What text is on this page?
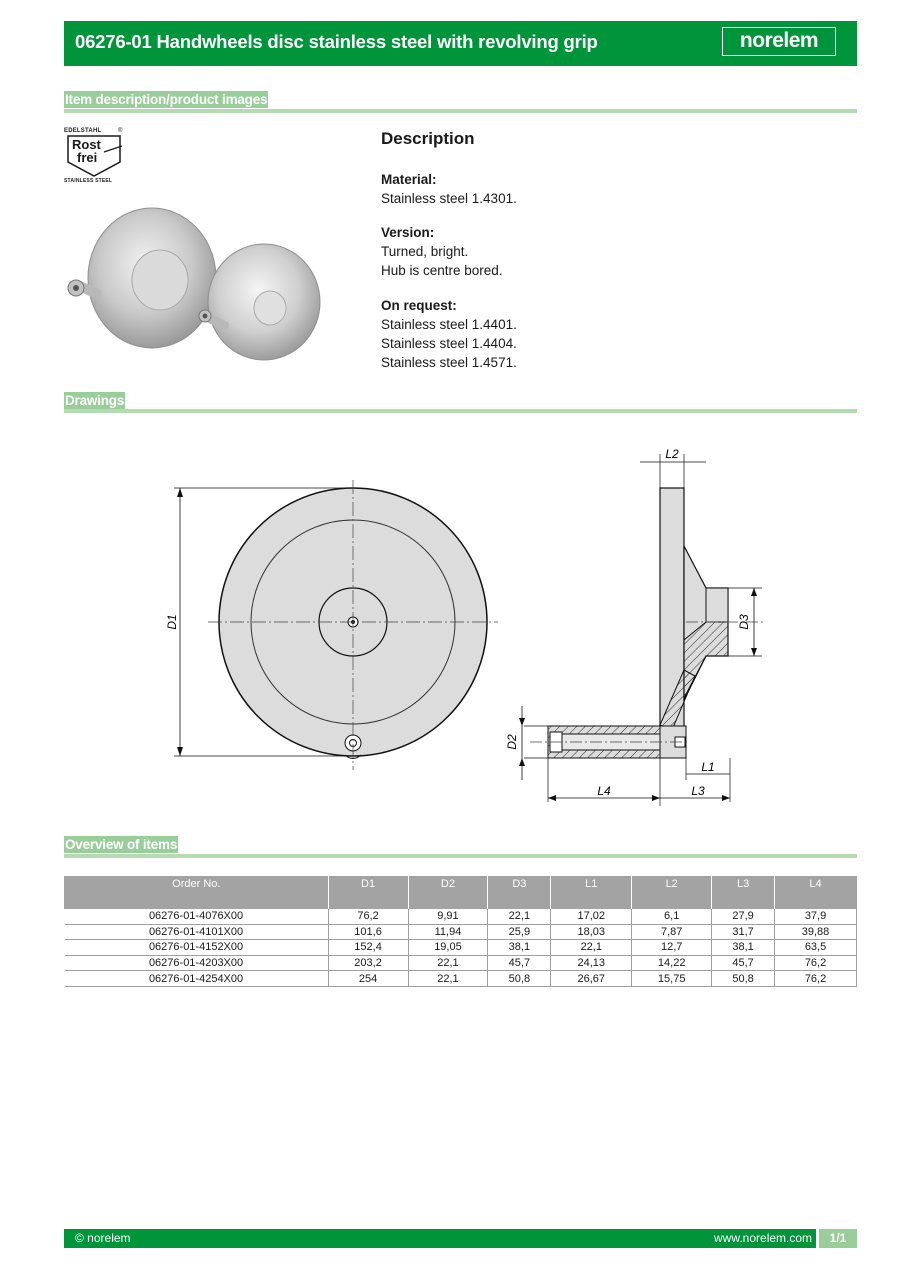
06276-01 Handwheels disc stainless steel with revolving grip	norelem
Item description/product images
EDELSTAHL	®
Rost
frei
STAINLESS STEEL
Description
Material:
Stainless steel 1.4301.
Version:
Turned, bright.
Hub is centre bored.
On request:
Stainless steel 1.4401.
Stainless steel 1.4404.
Stainless steel 1.4571.
Drawings
D1
L2
D3
D2
L1
L4	L3
Overview of items
Order No.	D1	D2	D3	L1	L2	L3	L4
06276-01-4076X00	76,2	9,91	22,1	17,02	6,1	27,9	37,9
06276-01-4101X00	101,6	11,94	25,9	18,03	7,87	31,7	39,88
06276-01-4152X00	152,4	19,05	38,1	22,1	12,7	38,1	63,5
06276-01-4203X00	203,2	22,1	45,7	24,13	14,22	45,7	76,2
06276-01-4254X00	254	22,1	50,8	26,67	15,75	50,8	76,2
© norelem	www.norelem.com	1/1
